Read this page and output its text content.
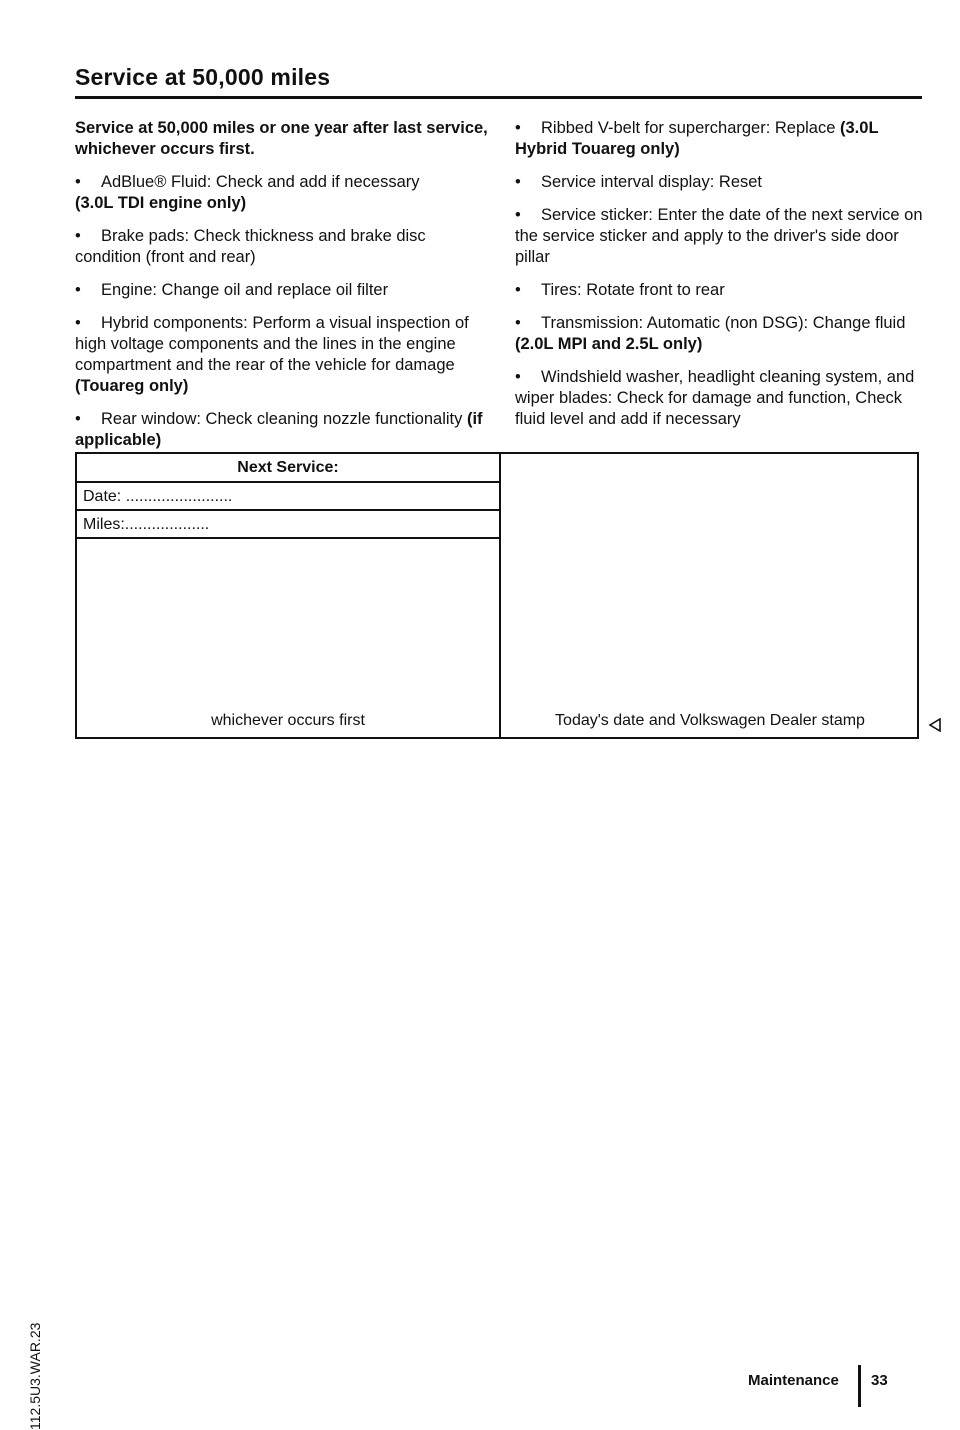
Service at 50,000 miles

Service at 50,000 miles or one year after last service, whichever occurs first.

• AdBlue® Fluid: Check and add if necessary
(3.0L TDI engine only)

• Brake pads: Check thickness and brake disc condition (front and rear)

• Engine: Change oil and replace oil filter

• Hybrid components: Perform a visual inspection of high voltage components and the lines in the engine compartment and the rear of the vehicle for damage (Touareg only)

• Rear window: Check cleaning nozzle functionality (if applicable)

• Ribbed V-belt for supercharger: Replace (3.0L Hybrid Touareg only)

• Service interval display: Reset

• Service sticker: Enter the date of the next service on the service sticker and apply to the driver's side door pillar

• Tires: Rotate front to rear

• Transmission: Automatic (non DSG): Change fluid (2.0L MPI and 2.5L only)

• Windshield washer, headlight cleaning system, and wiper blades: Check for damage and function, Check fluid level and add if necessary

Next Service:
Date: ........................
Miles:...................
whichever occurs first	Today's date and Volkswagen Dealer stamp
112.5U3.WAR.23	Maintenance 33
